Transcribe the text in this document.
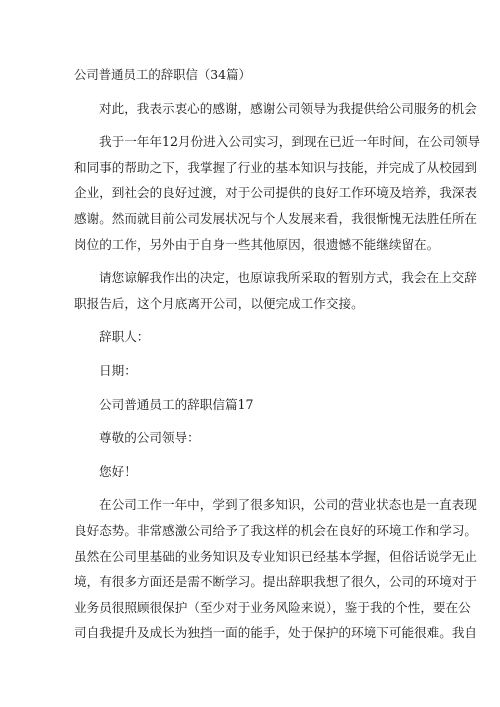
公司普通员工的辞职信（34篇）
对此，我表示衷心的感谢，感谢公司领导为我提供给公司服务的机会
我于一年年12月份进入公司实习，到现在已近一年时间，在公司领导
和同事的帮助之下，我掌握了行业的基本知识与技能，并完成了从校园到
企业，到社会的良好过渡，对于公司提供的良好工作环境及培养，我深表
感谢。然而就目前公司发展状况与个人发展来看，我很惭愧无法胜任所在
岗位的工作，另外由于自身一些其他原因，很遗憾不能继续留在。
请您谅解我作出的决定，也原谅我所采取的暂别方式，我会在上交辞
职报告后，这个月底离开公司，以便完成工作交接。
辞职人：
日期：
公司普通员工的辞职信篇17
尊敬的公司领导：
您好！
在公司工作一年中，学到了很多知识，公司的营业状态也是一直表现
良好态势。非常感激公司给予了我这样的机会在良好的环境工作和学习。
虽然在公司里基础的业务知识及专业知识已经基本学握，但俗话说学无止
境，有很多方面还是需不断学习。提出辞职我想了很久，公司的环境对于
业务员很照顾很保护（至少对于业务风险来说），鉴于我的个性，要在公
司自我提升及成长为独挡一面的能手，处于保护的环境下可能很难。我自
